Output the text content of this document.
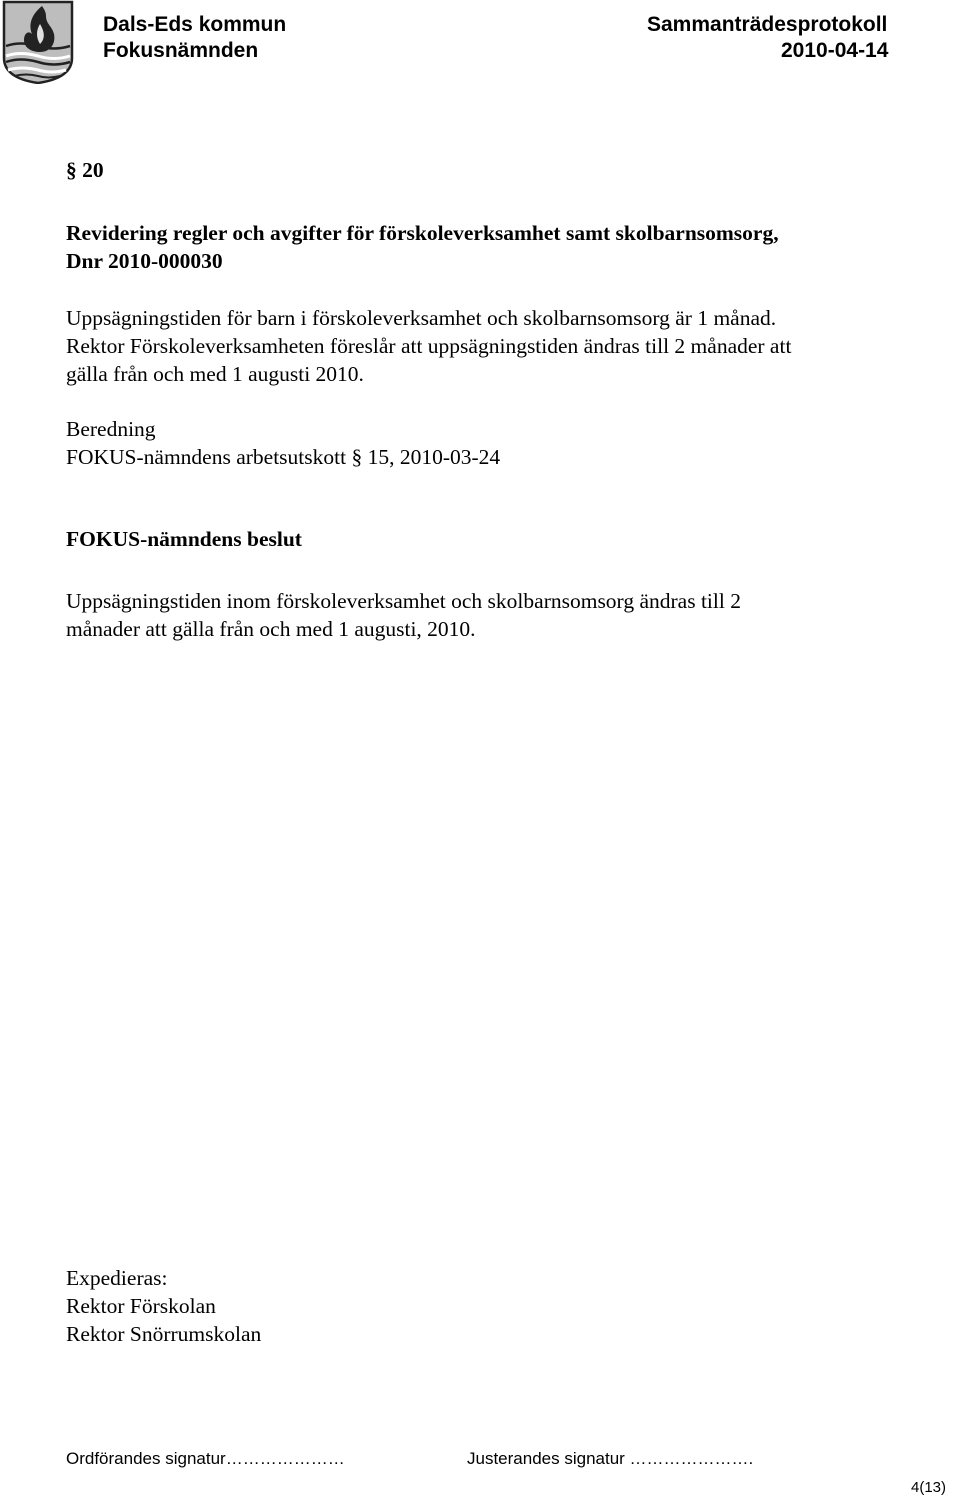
Dals-Eds kommun
Fokusnämnden
Sammanträdesprotokoll
2010-04-14
§ 20
Revidering regler och avgifter för förskoleverksamhet samt skolbarnsomsorg,
Dnr 2010-000030
Uppsägningstiden för barn i förskoleverksamhet och skolbarnsomsorg är 1 månad.
Rektor Förskoleverksamheten föreslår att uppsägningstiden ändras till 2 månader att
gälla från och med 1 augusti 2010.
Beredning
FOKUS-nämndens arbetsutskott § 15, 2010-03-24
FOKUS-nämndens beslut
Uppsägningstiden inom förskoleverksamhet och skolbarnsomsorg ändras till 2
månader att gälla från och med 1 augusti, 2010.
Expedieras:
Rektor Förskolan
Rektor Snörrumskolan
Ordförandes signatur…………………	Justerandes signatur ………………….
4(13)
